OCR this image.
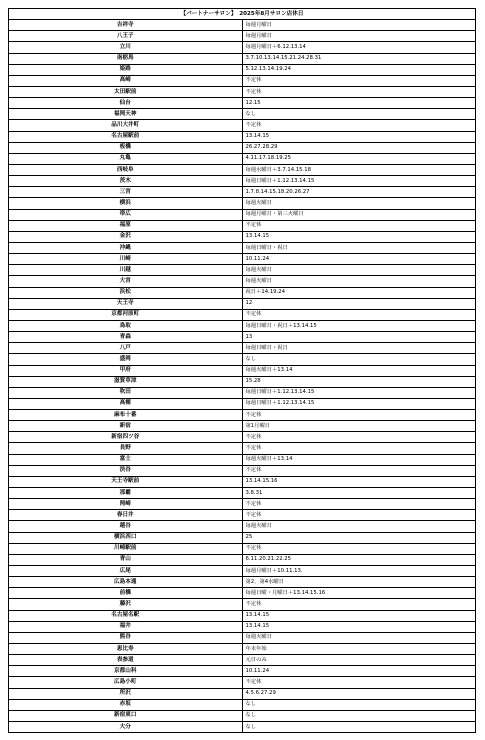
【パートナーサロン】　2025年8月サロン店休日	
吉祥寺	毎週月曜日
八王子	毎週月曜日
立川	毎週月曜日＋6.12.13.14
南栃馬	3.7.10.13.14.15.21.24.28.31
姫路	5.12.13.14.19.24
高崎	不定休
太田駅前	不定休
仙台	12.15
福岡天神	なし
品川大井町	不定休
名古屋駅前	13.14.15
板橋	26.27.28.29
丸亀	4.11.17.18.19.25
西岐阜	毎週水曜日＋3.7.14.15.18
茨木	毎週日曜日＋1.12.13.14.15
三宮	1.7.8.14.15.18.20.26.27
横浜	毎週火曜日
帯広	毎週月曜日・第三火曜日
福原	不定休
金沢	13.14.15
沖縄	毎週日曜日・祝日
川崎	10.11.24
川越	毎週火曜日
大宮	毎週火曜日
浜松	祝日＋14.19.24
天王寺	12
京都河原町	不定休
鳥取	毎週日曜日・祝日＋13.14.15
青森	13
八戸	毎週日曜日・祝日
盛岡	なし
甲府	毎週火曜日＋13.14
滋賀草津	15.28
吹田	毎週日曜日＋1.12.13.14.15
高槻	毎週日曜日＋1.12.13.14.15
麻布十番	不定休
新宿	第1月曜日
新宿四ツ谷	不定休
長野	不定休
富士	毎週火曜日＋13.14
渋谷	不定休
天王寺駅前	13.14.15.16
那覇	3.8.31
岡崎	不定休
春日井	不定休
越谷	毎週火曜日
横浜西口	25
川崎駅前	不定休
青山	6.11.20.21.22.25
広尾	毎週月曜日＋10.11.13.
広島本通	第2、第4水曜日
前橋	毎週日曜・月曜日＋13.14.15.16
藤沢	不定休
名古屋名駅	13.14.15
福井	13.14.15
熊谷	毎週火曜日
恵比寿	年末年始
表参道	元日のみ
京都山科	10.11.24
広島小町	不定休
所沢	4.5.6.27.29
赤坂	なし
新宿東口	なし
大分	なし
